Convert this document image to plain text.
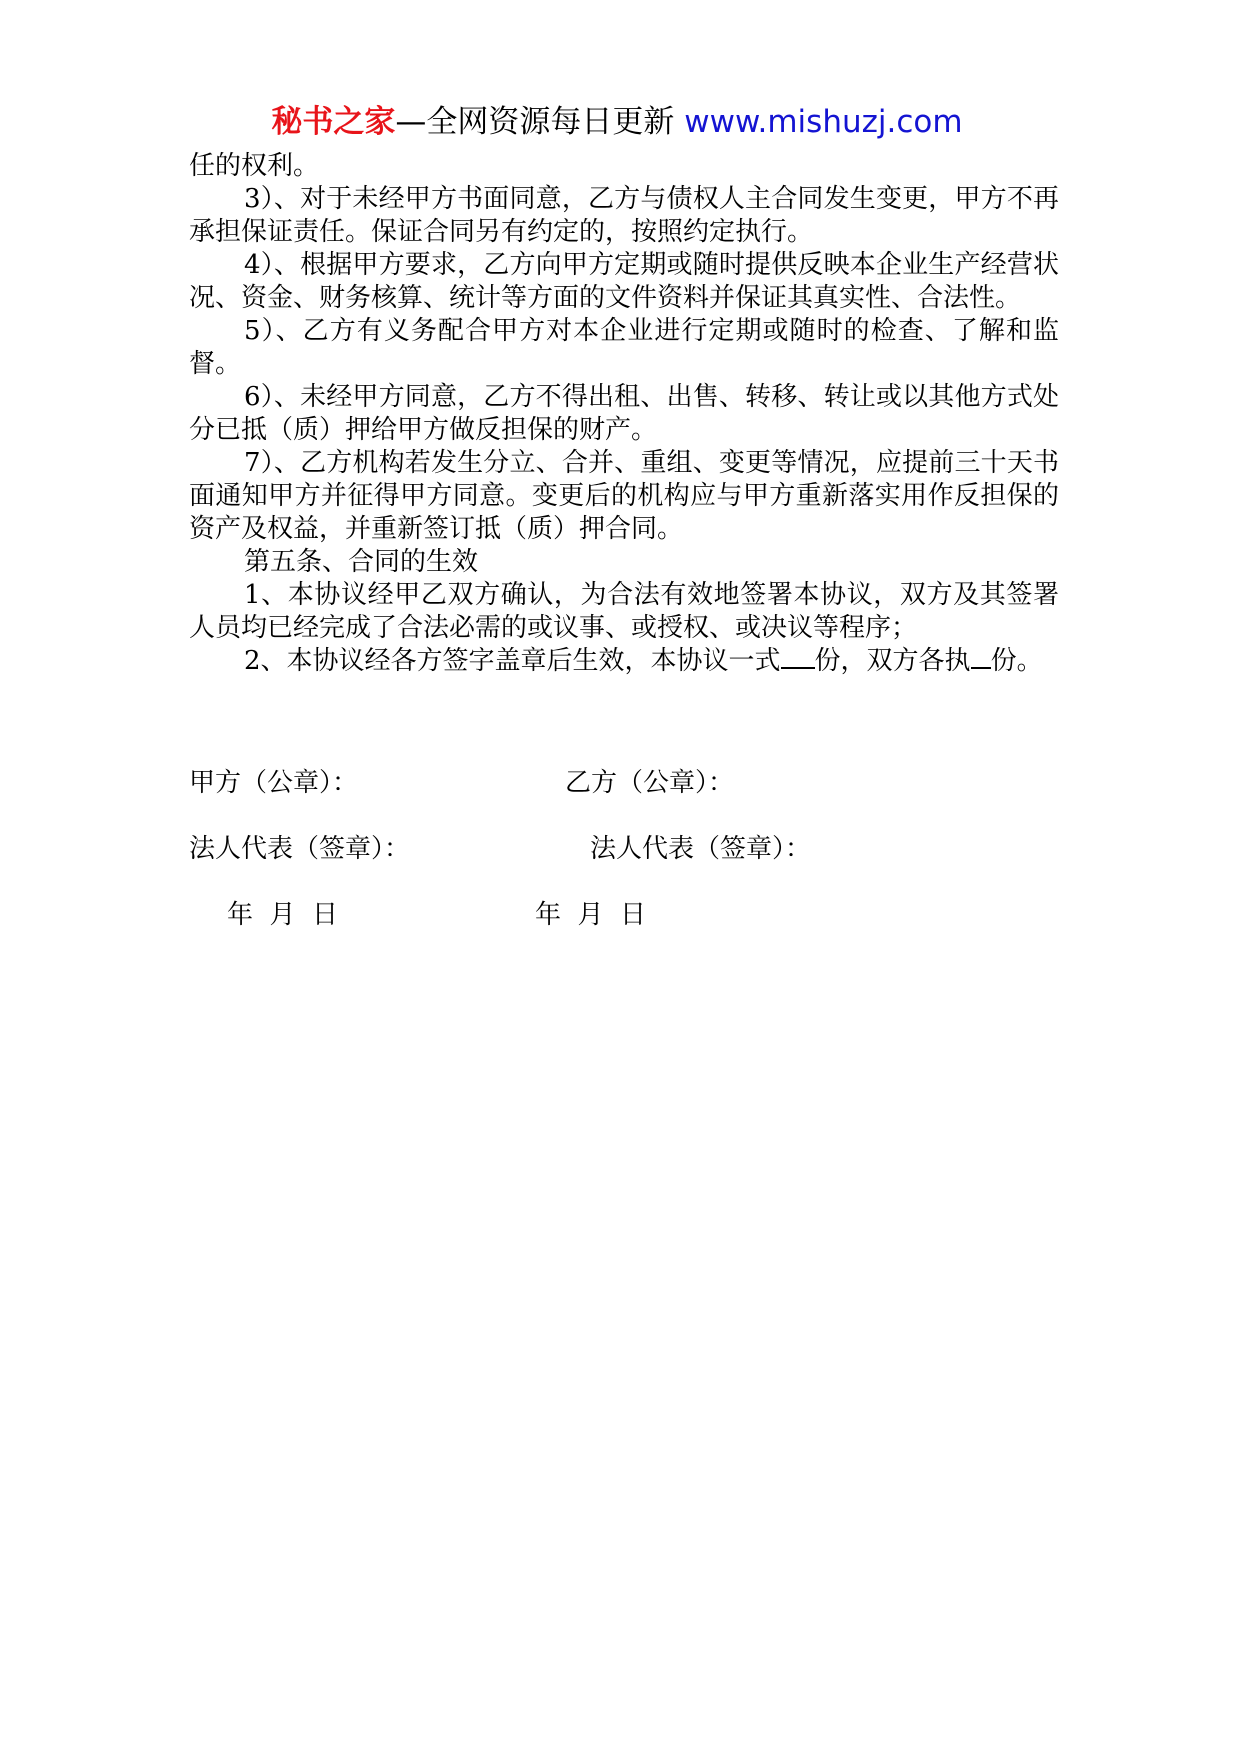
秘书之家—全网资源每日更新 www.mishuzj.com

任的权利。

3）、对于未经甲方书面同意，乙方与债权人主合同发生变更，甲方不再承担保证责任。保证合同另有约定的，按照约定执行。

4）、根据甲方要求，乙方向甲方定期或随时提供反映本企业生产经营状况、资金、财务核算、统计等方面的文件资料并保证其真实性、合法性。

5）、乙方有义务配合甲方对本企业进行定期或随时的检查、了解和监督。

6）、未经甲方同意，乙方不得出租、出售、转移、转让或以其他方式处分已抵（质）押给甲方做反担保的财产。

7）、乙方机构若发生分立、合并、重组、变更等情况，应提前三十天书面通知甲方并征得甲方同意。变更后的机构应与甲方重新落实用作反担保的资产及权益，并重新签订抵（质）押合同。

第五条、合同的生效

1、本协议经甲乙双方确认，为合法有效地签署本协议，双方及其签署人员均已经完成了合法必需的或议事、或授权、或决议等程序；

2、本协议经各方签字盖章后生效，本协议一式 份，双方各执 份。

甲方（公章）：	乙方（公章）：
法人代表（签章）：	法人代表（签章）：
年  月  日	年  月  日
